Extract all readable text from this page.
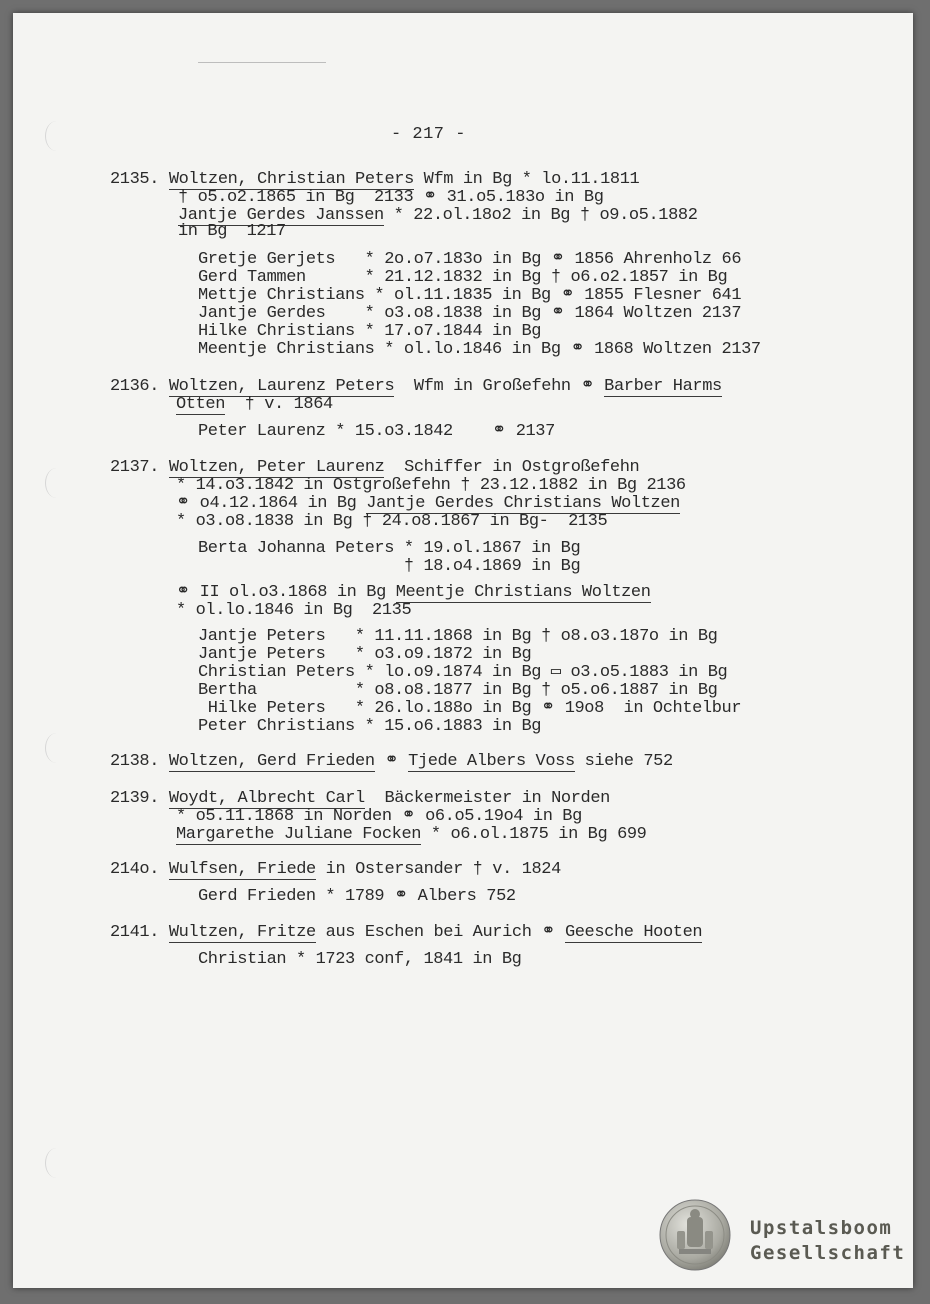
- 217 -
2135. Woltzen, Christian Peters Wfm in Bg * lo.11.1811
† o5.o2.1865 in Bg  2133 ⚭ 31.o5.183o in Bg
Jantje Gerdes Janssen * 22.ol.18o2 in Bg † o9.o5.1882
in Bg  1217
Gretje Gerjets   * 2o.o7.183o in Bg ⚭ 1856 Ahrenholz 66
Gerd Tammen      * 21.12.1832 in Bg † o6.o2.1857 in Bg
Mettje Christians * ol.11.1835 in Bg ⚭ 1855 Flesner 641
Jantje Gerdes    * o3.o8.1838 in Bg ⚭ 1864 Woltzen 2137
Hilke Christians * 17.o7.1844 in Bg
Meentje Christians * ol.lo.1846 in Bg ⚭ 1868 Woltzen 2137
2136. Woltzen, Laurenz Peters  Wfm in Großefehn ⚭ Barber Harms
Otten  † v. 1864
Peter Laurenz * 15.o3.1842    ⚭ 2137
2137. Woltzen, Peter Laurenz  Schiffer in Ostgroßefehn
* 14.o3.1842 in Ostgroßefehn † 23.12.1882 in Bg 2136
⚭ o4.12.1864 in Bg Jantje Gerdes Christians Woltzen
* o3.o8.1838 in Bg † 24.o8.1867 in Bg-  2135
Berta Johanna Peters * 19.ol.1867 in Bg
† 18.o4.1869 in Bg
⚭ II ol.o3.1868 in Bg Meentje Christians Woltzen
* ol.lo.1846 in Bg  2135
Jantje Peters   * 11.11.1868 in Bg † o8.o3.187o in Bg
Jantje Peters   * o3.o9.1872 in Bg
Christian Peters * lo.o9.1874 in Bg ▭ o3.o5.1883 in Bg
Bertha          * o8.o8.1877 in Bg † o5.o6.1887 in Bg
Hilke Peters   * 26.lo.188o in Bg ⚭ 19o8  in Ochtelbur
Peter Christians * 15.o6.1883 in Bg
2138. Woltzen, Gerd Frieden ⚭ Tjede Albers Voss siehe 752
2139. Woydt, Albrecht Carl  Bäckermeister in Norden
* o5.11.1868 in Norden ⚭ o6.o5.19o4 in Bg
Margarethe Juliane Focken * o6.ol.1875 in Bg 699
214o. Wulfsen, Friede in Ostersander † v. 1824
Gerd Frieden * 1789 ⚭ Albers 752
2141. Wultzen, Fritze aus Eschen bei Aurich ⚭ Geesche Hooten
Christian * 1723 conf, 1841 in Bg
Upstalsboom
Gesellschaft
